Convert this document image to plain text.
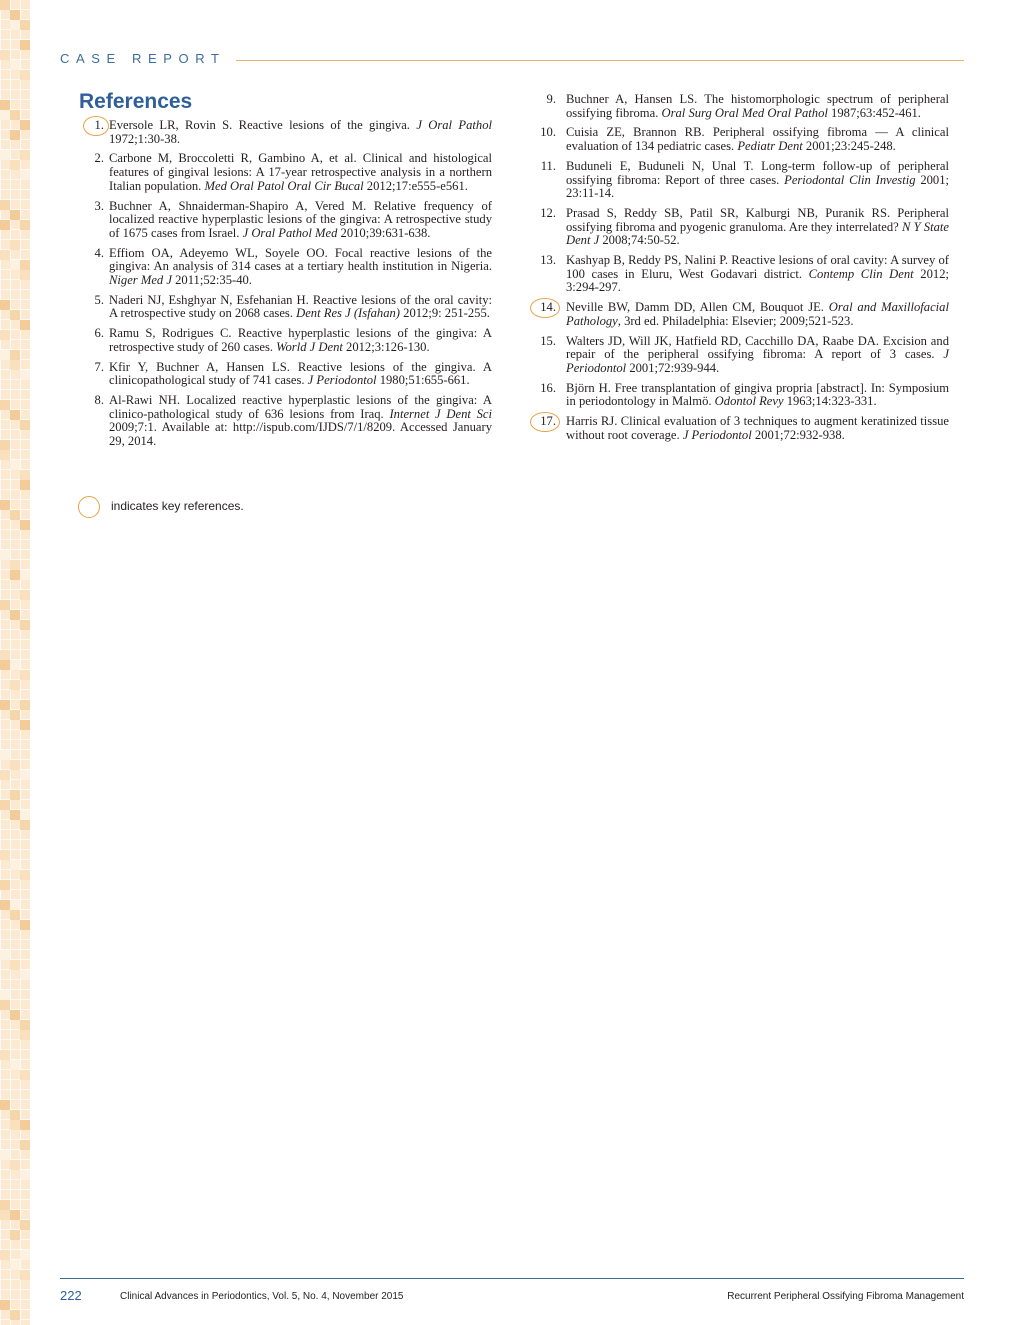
CASE REPORT
References
1. Eversole LR, Rovin S. Reactive lesions of the gingiva. J Oral Pathol 1972;1:30-38.
2. Carbone M, Broccoletti R, Gambino A, et al. Clinical and histological features of gingival lesions: A 17-year retrospective analysis in a northern Italian population. Med Oral Patol Oral Cir Bucal 2012;17:e555-e561.
3. Buchner A, Shnaiderman-Shapiro A, Vered M. Relative frequency of localized reactive hyperplastic lesions of the gingiva: A retrospective study of 1675 cases from Israel. J Oral Pathol Med 2010;39:631-638.
4. Effiom OA, Adeyemo WL, Soyele OO. Focal reactive lesions of the gingiva: An analysis of 314 cases at a tertiary health institution in Nigeria. Niger Med J 2011;52:35-40.
5. Naderi NJ, Eshghyar N, Esfehanian H. Reactive lesions of the oral cavity: A retrospective study on 2068 cases. Dent Res J (Isfahan) 2012;9: 251-255.
6. Ramu S, Rodrigues C. Reactive hyperplastic lesions of the gingiva: A retrospective study of 260 cases. World J Dent 2012;3:126-130.
7. Kfir Y, Buchner A, Hansen LS. Reactive lesions of the gingiva. A clinicopathological study of 741 cases. J Periodontol 1980;51:655-661.
8. Al-Rawi NH. Localized reactive hyperplastic lesions of the gingiva: A clinico-pathological study of 636 lesions from Iraq. Internet J Dent Sci 2009;7:1. Available at: http://ispub.com/IJDS/7/1/8209. Accessed January 29, 2014.
9. Buchner A, Hansen LS. The histomorphologic spectrum of peripheral ossifying fibroma. Oral Surg Oral Med Oral Pathol 1987;63:452-461.
10. Cuisia ZE, Brannon RB. Peripheral ossifying fibroma — A clinical evaluation of 134 pediatric cases. Pediatr Dent 2001;23:245-248.
11. Buduneli E, Buduneli N, Unal T. Long-term follow-up of peripheral ossifying fibroma: Report of three cases. Periodontal Clin Investig 2001; 23:11-14.
12. Prasad S, Reddy SB, Patil SR, Kalburgi NB, Puranik RS. Peripheral ossifying fibroma and pyogenic granuloma. Are they interrelated? N Y State Dent J 2008;74:50-52.
13. Kashyap B, Reddy PS, Nalini P. Reactive lesions of oral cavity: A survey of 100 cases in Eluru, West Godavari district. Contemp Clin Dent 2012; 3:294-297.
14. Neville BW, Damm DD, Allen CM, Bouquot JE. Oral and Maxillofacial Pathology, 3rd ed. Philadelphia: Elsevier; 2009;521-523.
15. Walters JD, Will JK, Hatfield RD, Cacchillo DA, Raabe DA. Excision and repair of the peripheral ossifying fibroma: A report of 3 cases. J Periodontol 2001;72:939-944.
16. Björn H. Free transplantation of gingiva propria [abstract]. In: Symposium in periodontology in Malmö. Odontol Revy 1963;14:323-331.
17. Harris RJ. Clinical evaluation of 3 techniques to augment keratinized tissue without root coverage. J Periodontol 2001;72:932-938.
indicates key references.
222	Clinical Advances in Periodontics, Vol. 5, No. 4, November 2015	Recurrent Peripheral Ossifying Fibroma Management
